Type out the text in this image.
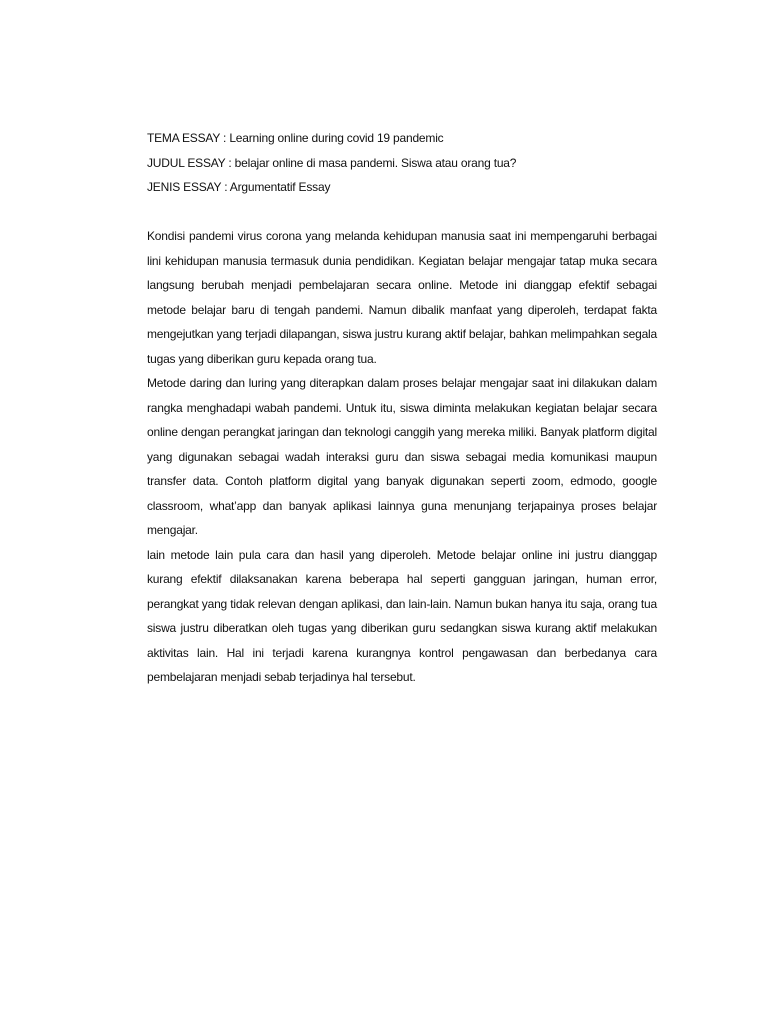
TEMA ESSAY : Learning online during covid 19 pandemic

JUDUL ESSAY : belajar online di masa pandemi. Siswa atau orang tua?

JENIS ESSAY : Argumentatif Essay

Kondisi pandemi virus corona yang melanda kehidupan manusia saat ini mempengaruhi berbagai lini kehidupan manusia termasuk dunia pendidikan. Kegiatan belajar mengajar tatap muka secara langsung berubah menjadi pembelajaran secara online. Metode ini dianggap efektif sebagai metode belajar baru di tengah pandemi. Namun dibalik manfaat yang diperoleh, terdapat fakta mengejutkan yang terjadi dilapangan, siswa justru kurang aktif belajar, bahkan melimpahkan segala tugas yang diberikan guru kepada orang tua.

Metode daring dan luring yang diterapkan dalam proses belajar mengajar saat ini dilakukan dalam rangka menghadapi wabah pandemi. Untuk itu, siswa diminta melakukan kegiatan belajar secara online dengan perangkat jaringan dan teknologi canggih yang mereka miliki. Banyak platform digital yang digunakan sebagai wadah interaksi guru dan siswa sebagai media komunikasi maupun transfer data. Contoh platform digital yang banyak digunakan seperti zoom, edmodo, google classroom, what’app dan banyak aplikasi lainnya guna menunjang terjapainya proses belajar mengajar.

lain metode lain pula cara dan hasil yang diperoleh. Metode belajar online ini justru dianggap kurang efektif dilaksanakan karena beberapa hal seperti gangguan jaringan, human error, perangkat yang tidak relevan dengan aplikasi, dan lain-lain. Namun bukan hanya itu saja, orang tua siswa justru diberatkan oleh tugas yang diberikan guru sedangkan siswa kurang aktif melakukan aktivitas lain. Hal ini terjadi karena kurangnya kontrol pengawasan dan berbedanya cara pembelajaran menjadi sebab terjadinya hal tersebut.
